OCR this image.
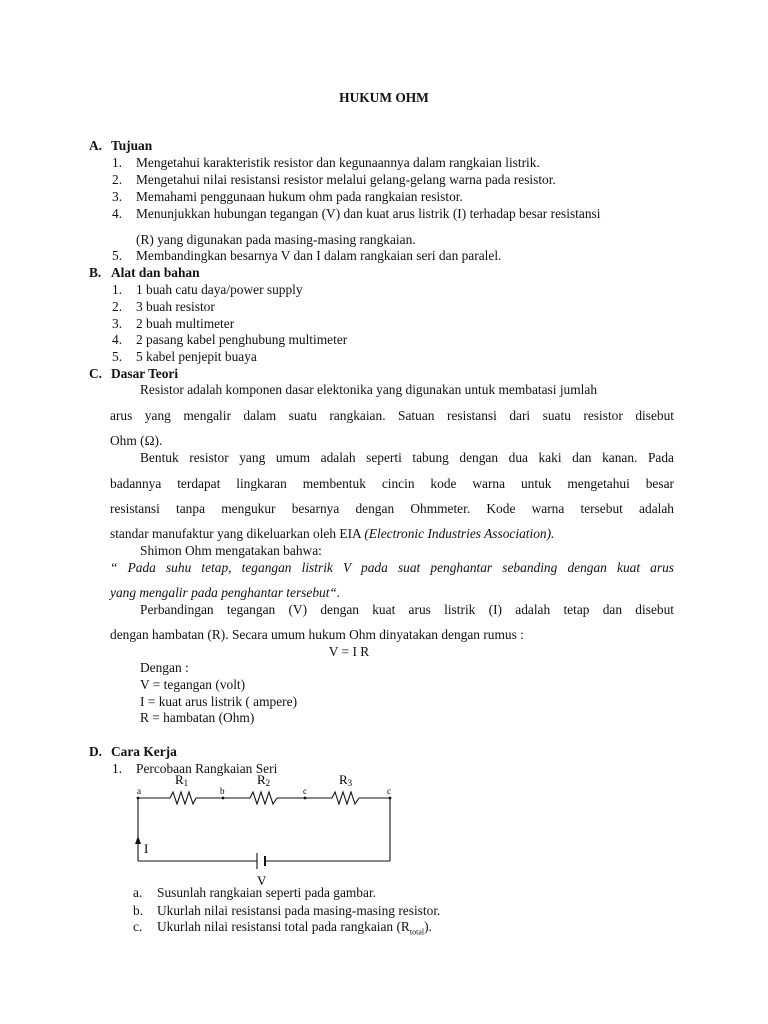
HUKUM OHM
A. Tujuan
1. Mengetahui karakteristik resistor dan kegunaannya dalam rangkaian listrik.
2. Mengetahui nilai resistansi resistor melalui gelang-gelang warna pada resistor.
3. Memahami penggunaan hukum ohm pada rangkaian resistor.
4. Menunjukkan hubungan tegangan (V) dan kuat arus listrik (I) terhadap besar resistansi
(R) yang digunakan pada masing-masing rangkaian.
5. Membandingkan besarnya V dan I dalam rangkaian seri dan paralel.
B. Alat dan bahan
1. 1 buah catu daya/power supply
2. 3 buah resistor
3. 2 buah multimeter
4. 2 pasang kabel penghubung multimeter
5. 5 kabel penjepit buaya
C. Dasar Teori
Resistor adalah komponen dasar elektonika yang digunakan untuk membatasi jumlah
arus yang mengalir dalam suatu rangkaian. Satuan resistansi dari suatu resistor disebut
Ohm (Ω).
Bentuk resistor yang umum adalah seperti tabung dengan dua kaki dan kanan. Pada
badannya terdapat lingkaran membentuk cincin kode warna untuk mengetahui besar
resistansi tanpa mengukur besarnya dengan Ohmmeter. Kode warna tersebut adalah
standar manufaktur yang dikeluarkan oleh EIA (Electronic Industries Association).
Shimon Ohm mengatakan bahwa:
“ Pada suhu tetap, tegangan listrik V pada suat penghantar sebanding dengan kuat arus
yang mengalir pada penghantar tersebut“.
Perbandingan tegangan (V) dengan kuat arus listrik (I) adalah tetap dan disebut
dengan hambatan (R). Secara umum hukum Ohm dinyatakan dengan rumus :
V = I R
Dengan :
V = tegangan (volt)
I = kuat arus listrik ( ampere)
R = hambatan (Ohm)
D. Cara Kerja
1. Percobaan Rangkaian Seri
R1	R2	R3
a	b	c	c
I
V
a. Susunlah rangkaian seperti pada gambar.
b. Ukurlah nilai resistansi pada masing-masing resistor.
c. Ukurlah nilai resistansi total pada rangkaian $(R_{total})$.
